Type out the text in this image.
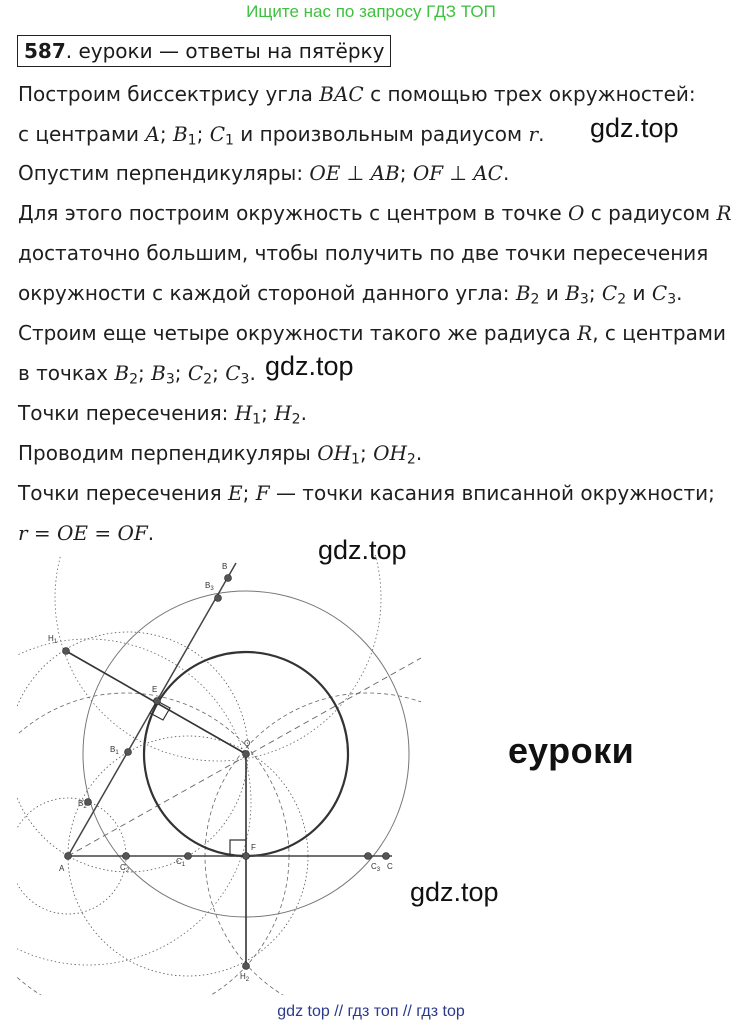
Ищите нас по запросу ГДЗ ТОП
587 . еуроки — ответы на пятёрку
Построим биссектрису угла BAC с помощью трех окружностей:
с центрами A; $B_1$; $C_1$ и произвольным радиусом r.
Опустим перпендикуляры: OE ⊥ AB; OF ⊥ AC.
Для этого построим окружность с центром в точке O с радиусом R
достаточно большим, чтобы получить по две точки пересечения
окружности с каждой стороной данного угла: $B_2$ и $B_3$; $C_2$ и $C_3$.
Строим еще четыре окружности такого же радиуса R, с центрами
в точках $B_2$; $B_3$; $C_2$; $C_3$.
Точки пересечения: $H_1$; $H_2$.
Проводим перпендикуляры $OH_1$; $OH_2$.
Точки пересечения E; F — точки касания вписанной окружности;
r = OE = OF.
gdz.top
gdz.top
gdz.top
gdz.top
еуроки
B
$B_3$
$H_1$
E
$B_1$
O
$B_2$
A	$C_2$
$C_1$
F
$C_3$ C
$H_2$
gdz top // гдз топ // гдз top
